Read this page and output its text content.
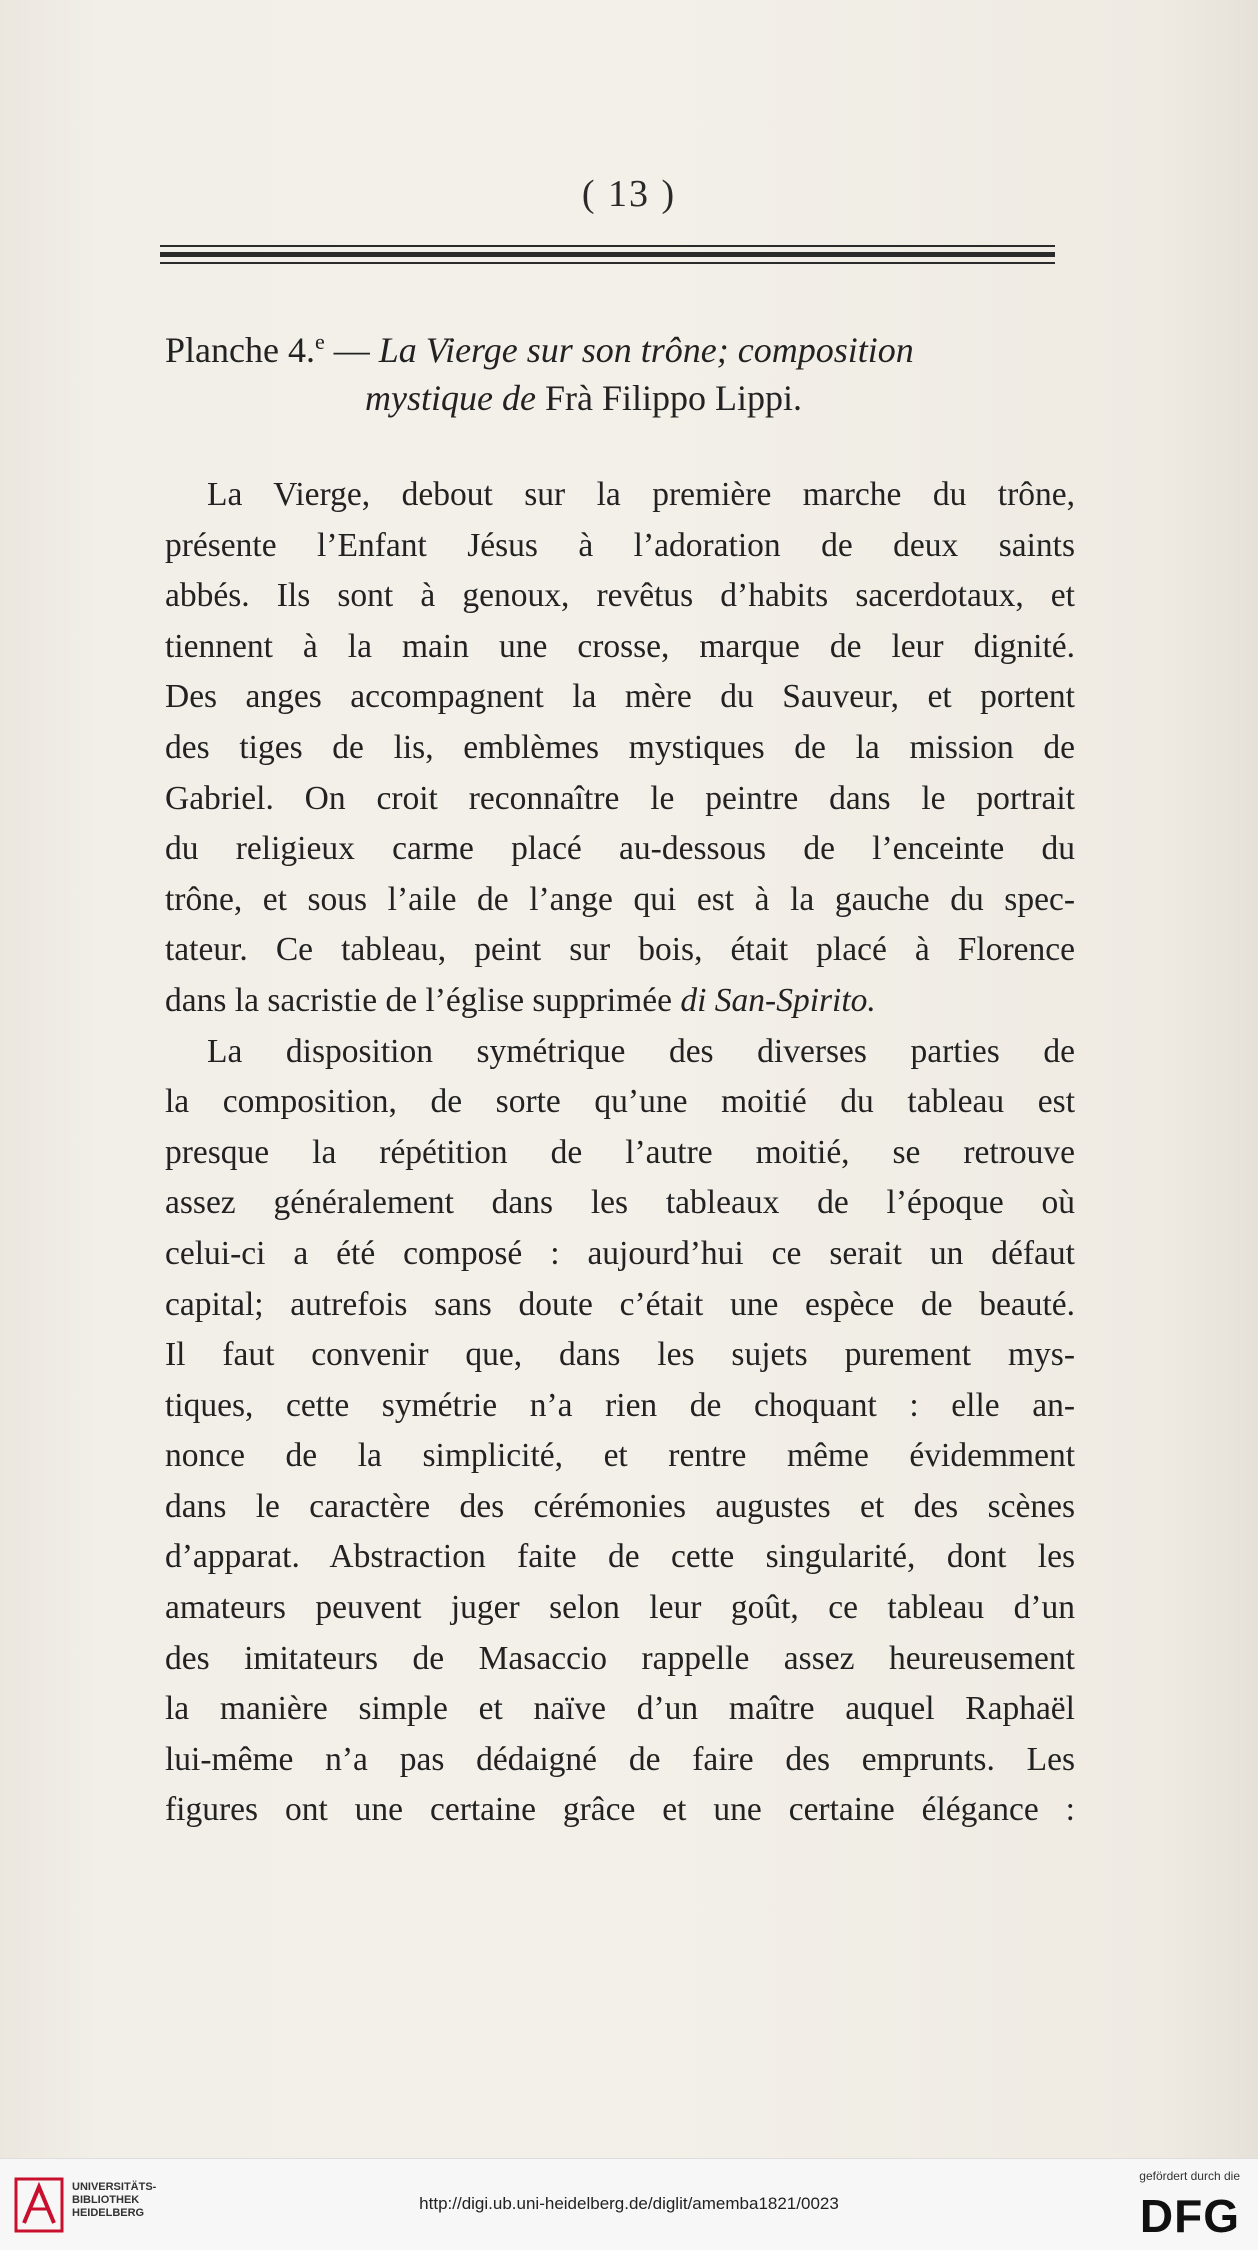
( 13 )
Planche 4.$^e$ — La Vierge sur son trône; composition
mystique de Frà Filippo Lippi.
La Vierge, debout sur la première marche du trône,
présente l’Enfant Jésus à l’adoration de deux saints
abbés. Ils sont à genoux, revêtus d’habits sacerdotaux, et
tiennent à la main une crosse, marque de leur dignité.
Des anges accompagnent la mère du Sauveur, et portent
des tiges de lis, emblèmes mystiques de la mission de
Gabriel. On croit reconnaître le peintre dans le portrait
du religieux carme placé au-dessous de l’enceinte du
trône, et sous l’aile de l’ange qui est à la gauche du spec-
tateur. Ce tableau, peint sur bois, était placé à Florence
dans la sacristie de l’église supprimée di San-Spirito.
La disposition symétrique des diverses parties de
la composition, de sorte qu’une moitié du tableau est
presque la répétition de l’autre moitié, se retrouve
assez généralement dans les tableaux de l’époque où
celui-ci a été composé : aujourd’hui ce serait un défaut
capital; autrefois sans doute c’était une espèce de beauté.
Il faut convenir que, dans les sujets purement mys-
tiques, cette symétrie n’a rien de choquant : elle an-
nonce de la simplicité, et rentre même évidemment
dans le caractère des cérémonies augustes et des scènes
d’apparat. Abstraction faite de cette singularité, dont les
amateurs peuvent juger selon leur goût, ce tableau d’un
des imitateurs de Masaccio rappelle assez heureusement
la manière simple et naïve d’un maître auquel Raphaël
lui-même n’a pas dédaigné de faire des emprunts. Les
figures ont une certaine grâce et une certaine élégance :
UNIVERSITÄTS-
BIBLIOTHEK
HEIDELBERG	http://digi.ub.uni-heidelberg.de/diglit/amemba1821/0023
gefördert durch die
DFG
